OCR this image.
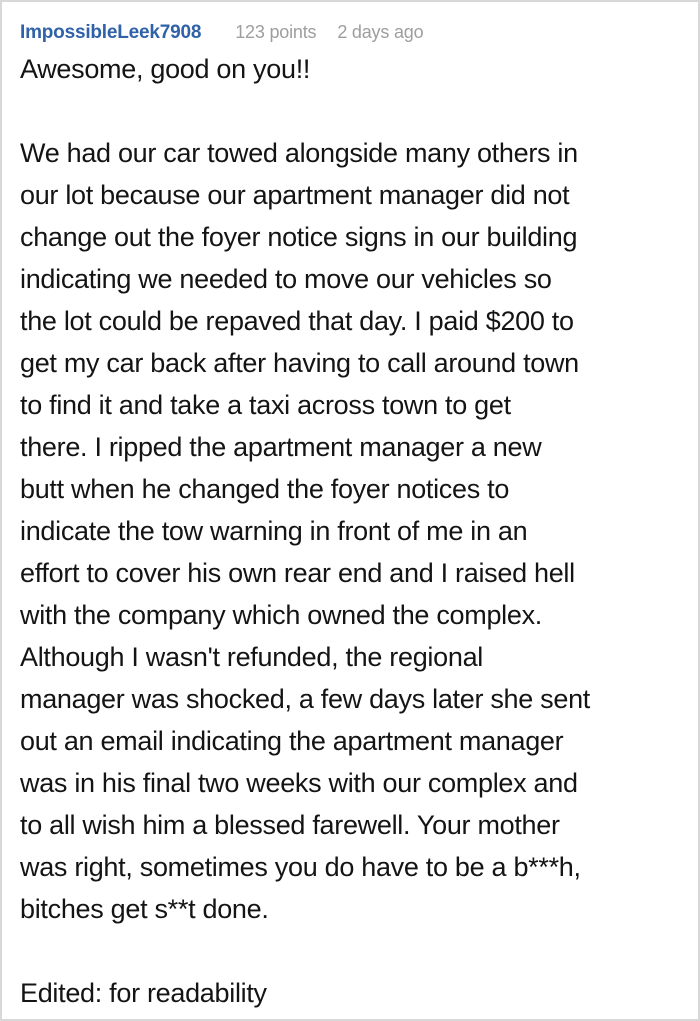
ImpossibleLeek7908 123 points 2 days ago
Awesome, good on you!!
We had our car towed alongside many others in
our lot because our apartment manager did not
change out the foyer notice signs in our building
indicating we needed to move our vehicles so
the lot could be repaved that day. I paid $200 to
get my car back after having to call around town
to find it and take a taxi across town to get
there. I ripped the apartment manager a new
butt when he changed the foyer notices to
indicate the tow warning in front of me in an
effort to cover his own rear end and I raised hell
with the company which owned the complex.
Although I wasn't refunded, the regional
manager was shocked, a few days later she sent
out an email indicating the apartment manager
was in his final two weeks with our complex and
to all wish him a blessed farewell. Your mother
was right, sometimes you do have to be a b***h,
bitches get s**t done.
Edited: for readability
